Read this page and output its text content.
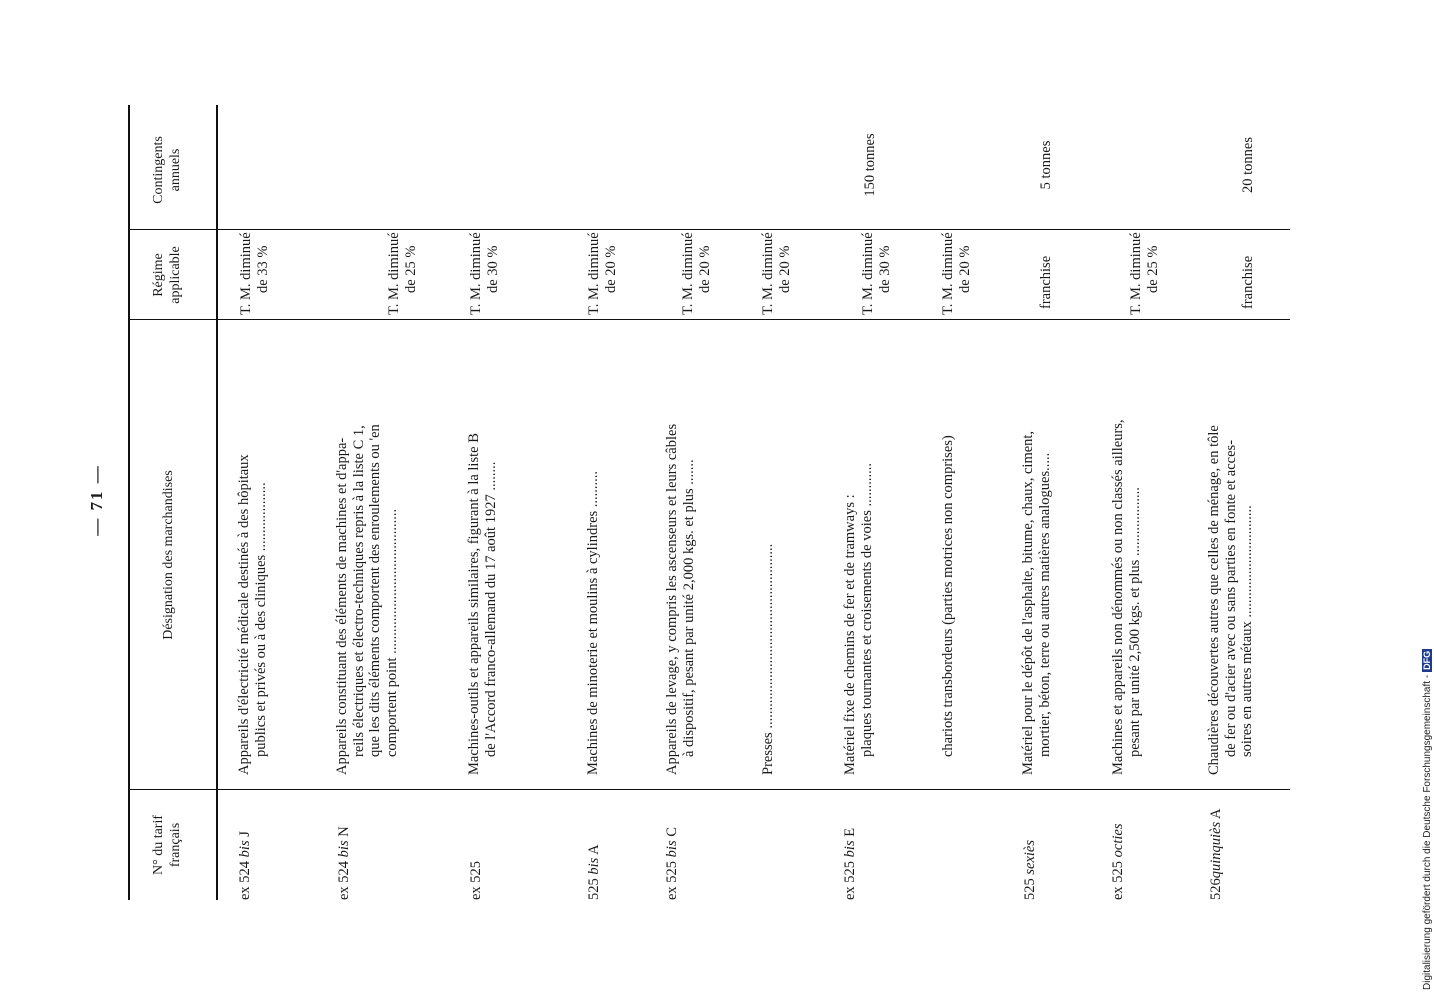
— 71 —
N° du tarif français
Désignation des marchandises
Régime applicable
Contingents annuels
ex 524 bis J
Appareils d'électricité médicale destinés à des hôpitaux publics et privés ou à des cliniques ...................
T. M. diminué de 33 %
ex 524 bis N
Appareils constituant des éléments de machines et d'appa- reils électriques et électro-techniques repris à la liste C 1, que les dits éléments comportent des enroulements ou 'en comportent point ........................................
T. M. diminué de 25 %
ex 525
Machines-outils et appareils similaires, figurant à la liste B de l'Accord franco-allemand du 17 août 1927 ........
T. M. diminué de 30 %
525 bis A
Machines de minoterie et moulins à cylindres ..........
T. M. diminué de 20 %
ex 525 bis C
Appareils de levage, y compris les ascenseurs et leurs câbles à dispositif, pesant par unité 2,000 kgs. et plus .......
T. M. diminué de 20 %
Presses ...................................................
T. M. diminué de 20 %
ex 525 bis E
Matériel fixe de chemins de fer et de tramways : plaques tournantes et croisements de voies ............
T. M. diminué de 30 %
150 tonnes
chariots transbordeurs (parties motrices non comprises)
T. M. diminué de 20 %
525 sexiès
Matériel pour le dépôt de l'asphalte, bitume, chaux, ciment, mortier, béton, terre ou autres matières analogues.....
franchise
5 tonnes
ex 525 octies
Machines et appareils non dénommés ou non classés ailleurs, pesant par unité 2,500 kgs. et plus ...................
T. M. diminué de 25 %
526quinquiès A
Chaudières découvertes autres que celles de ménage, en tôle de fer ou d'acier avec ou sans parties en fonte et acces- soires en autres métaux ...............................
franchise
20 tonnes
Digitalisierung gefördert durch die Deutsche Forschungsgemeinschaft -DFG
